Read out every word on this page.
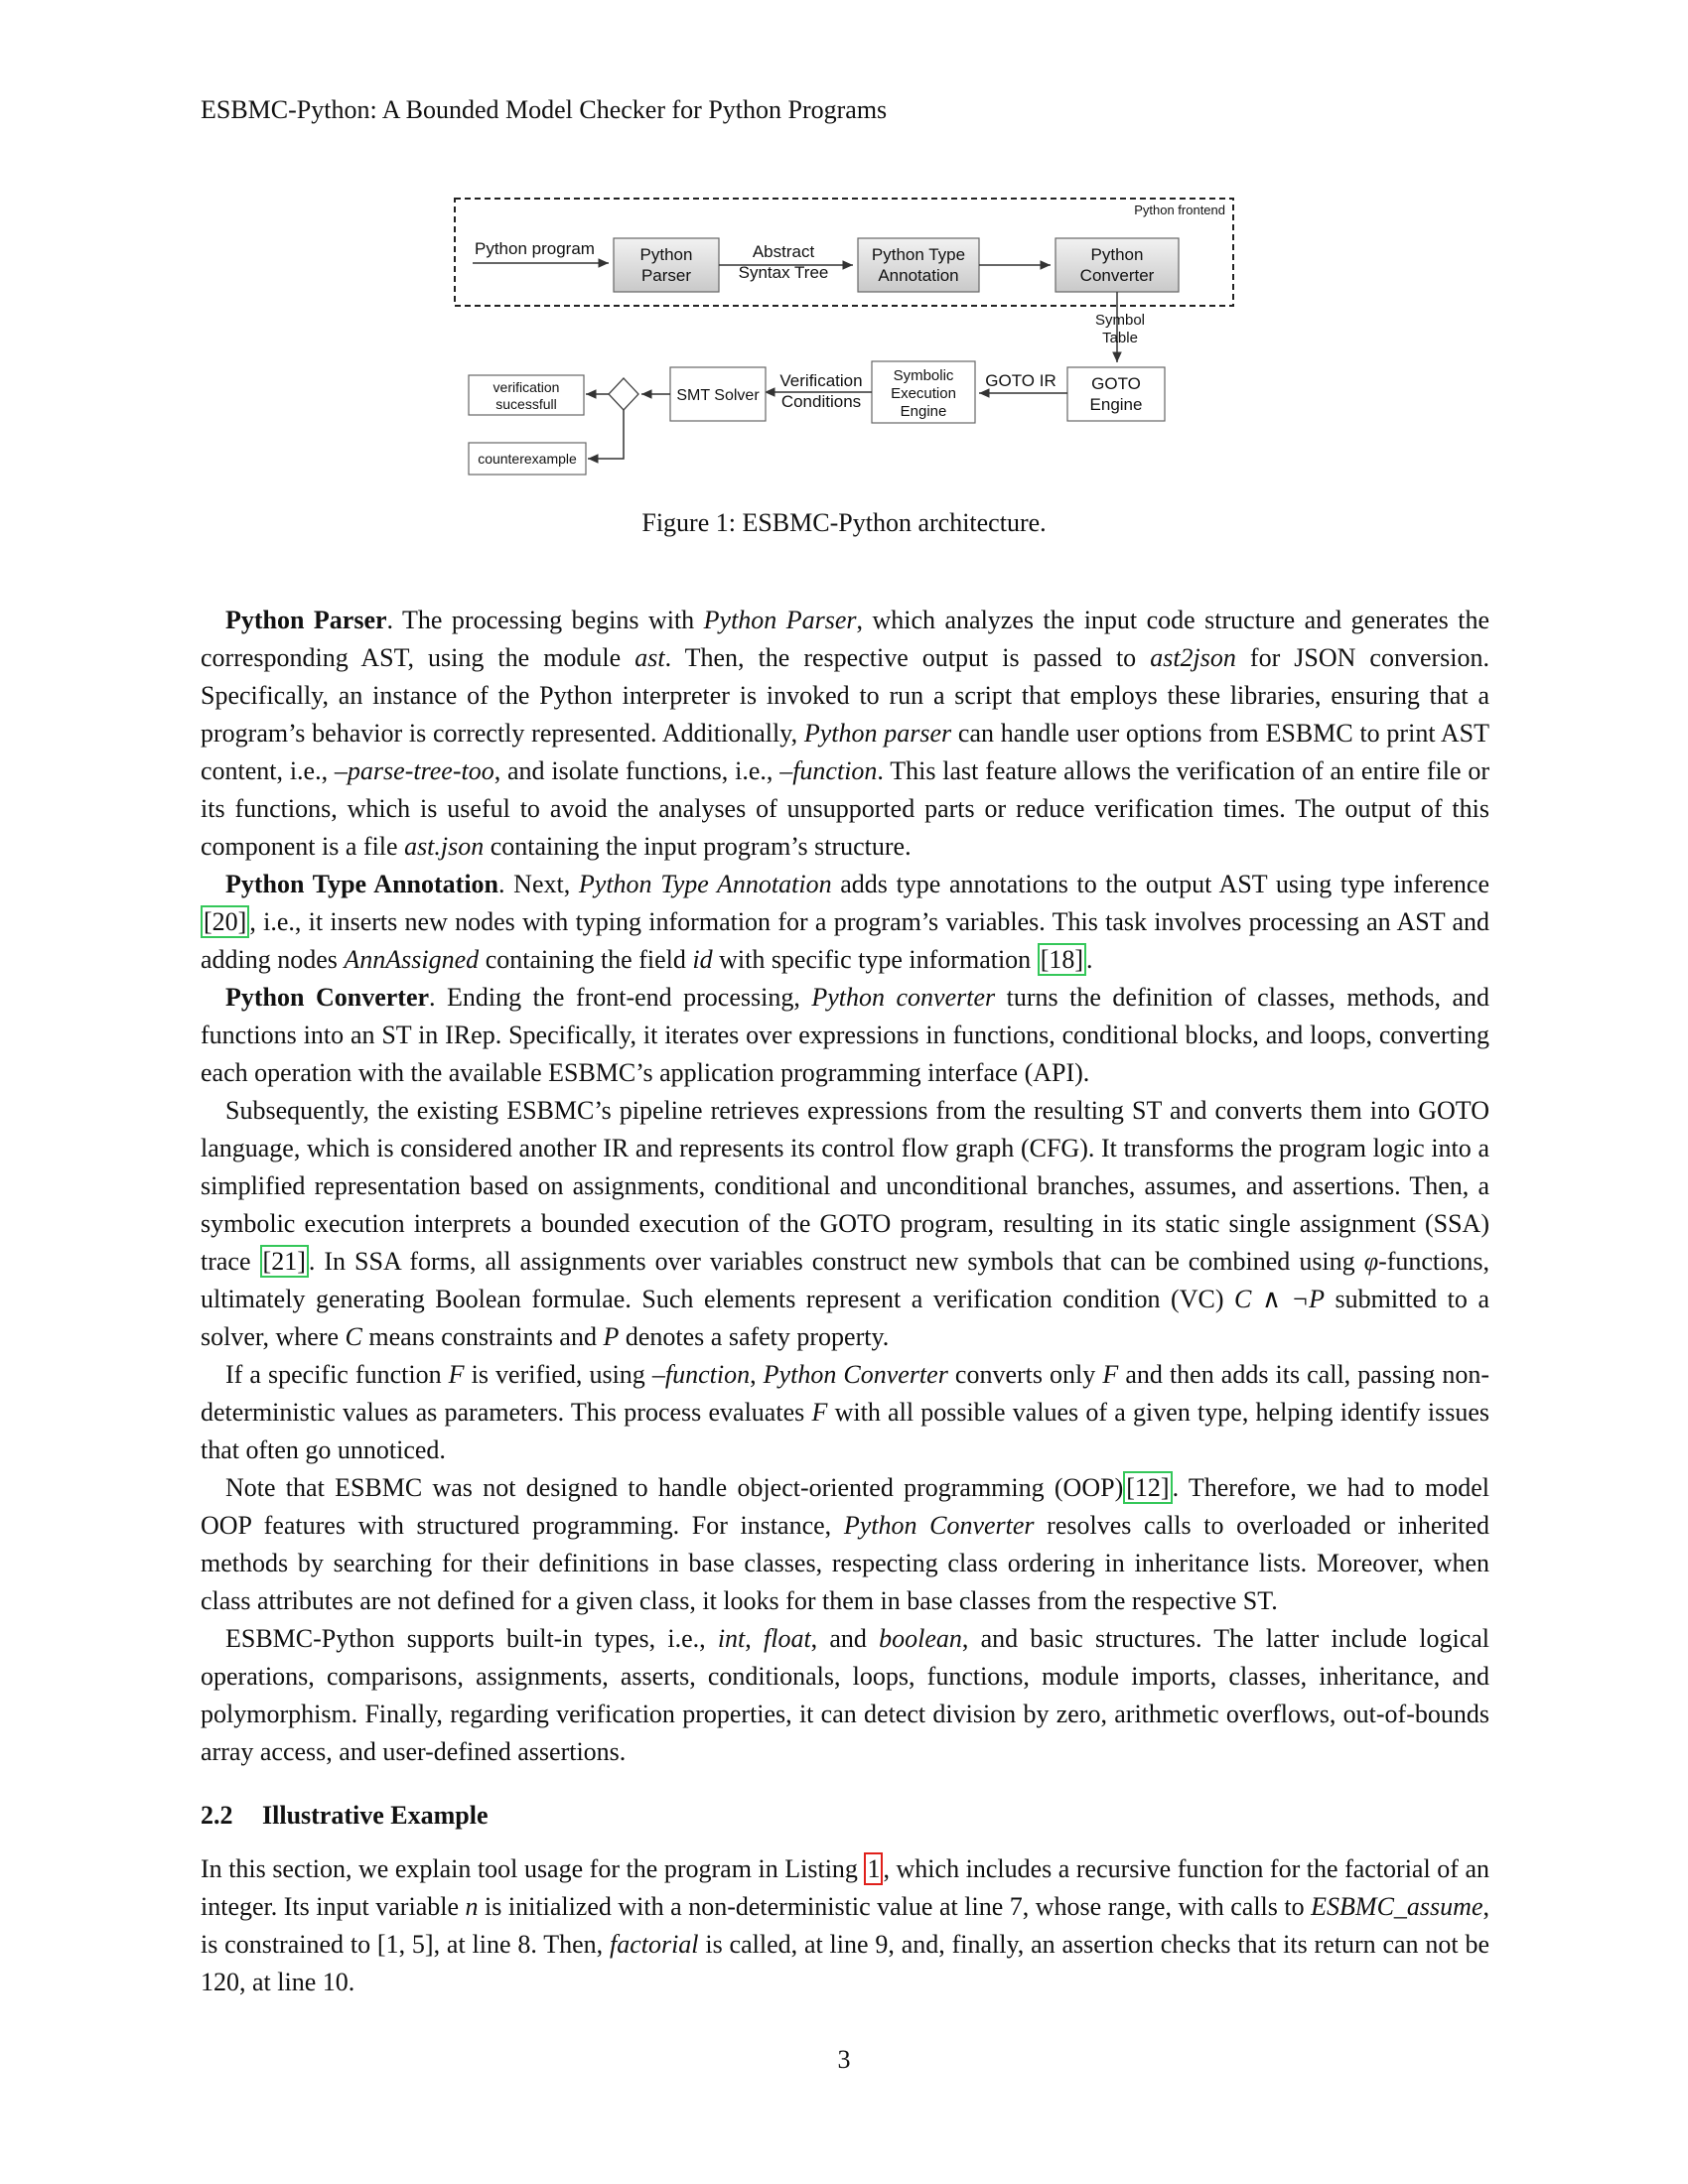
ESBMC-Python: A Bounded Model Checker for Python Programs
Python frontend
Python program	Python
Parser
Abstract
Syntax Tree
Python Type
Annotation
Python
Converter
Symbol
Table
GOTO
Engine
GOTO IR
Symbolic
Execution
Engine
Verification
Conditions
SMT Solver
verification
sucessfull
counterexample
Figure 1: ESBMC-Python architecture.

Python Parser. The processing begins with Python Parser, which analyzes the input code structure and generates the corresponding AST, using the module ast. Then, the respective output is passed to ast2json for JSON conversion. Specifically, an instance of the Python interpreter is invoked to run a script that employs these libraries, ensuring that a program’s behavior is correctly represented. Additionally, Python parser can handle user options from ESBMC to print AST content, i.e., –parse-tree-too, and isolate functions, i.e., –function. This last feature allows the verification of an entire file or its functions, which is useful to avoid the analyses of unsupported parts or reduce verification times. The output of this component is a file ast.json containing the input program’s structure.

Python Type Annotation. Next, Python Type Annotation adds type annotations to the output AST using type inference [20] , i.e., it inserts new nodes with typing information for a program’s variables. This task involves processing an AST and adding nodes AnnAssigned containing the field id with specific type information [18] .

Python Converter. Ending the front-end processing, Python converter turns the definition of classes, methods, and functions into an ST in IRep. Specifically, it iterates over expressions in functions, conditional blocks, and loops, converting each operation with the available ESBMC’s application programming interface (API).

Subsequently, the existing ESBMC’s pipeline retrieves expressions from the resulting ST and converts them into GOTO language, which is considered another IR and represents its control flow graph (CFG). It transforms the program logic into a simplified representation based on assignments, conditional and unconditional branches, assumes, and assertions. Then, a symbolic execution interprets a bounded execution of the GOTO program, resulting in its static single assignment (SSA) trace [21] . In SSA forms, all assignments over variables construct new symbols that can be combined using φ-functions, ultimately generating Boolean formulae. Such elements represent a verification condition (VC) C ∧ ¬P submitted to a solver, where C means constraints and P denotes a safety property.

If a specific function F is verified, using –function, Python Converter converts only F and then adds its call, passing non-deterministic values as parameters. This process evaluates F with all possible values of a given type, helping identify issues that often go unnoticed.

Note that ESBMC was not designed to handle object-oriented programming (OOP) [12] . Therefore, we had to model OOP features with structured programming. For instance, Python Converter resolves calls to overloaded or inherited methods by searching for their definitions in base classes, respecting class ordering in inheritance lists. Moreover, when class attributes are not defined for a given class, it looks for them in base classes from the respective ST.

ESBMC-Python supports built-in types, i.e., int, float, and boolean, and basic structures. The latter include logical operations, comparisons, assignments, asserts, conditionals, loops, functions, module imports, classes, inheritance, and polymorphism. Finally, regarding verification properties, it can detect division by zero, arithmetic overflows, out-of-bounds array access, and user-defined assertions.

2.2 Illustrative Example

In this section, we explain tool usage for the program in Listing 1 , which includes a recursive function for the factorial of an integer. Its input variable n is initialized with a non-deterministic value at line 7, whose range, with calls to ESBMC_assume, is constrained to [1, 5], at line 8. Then, factorial is called, at line 9, and, finally, an assertion checks that its return can not be 120, at line 10.

3
